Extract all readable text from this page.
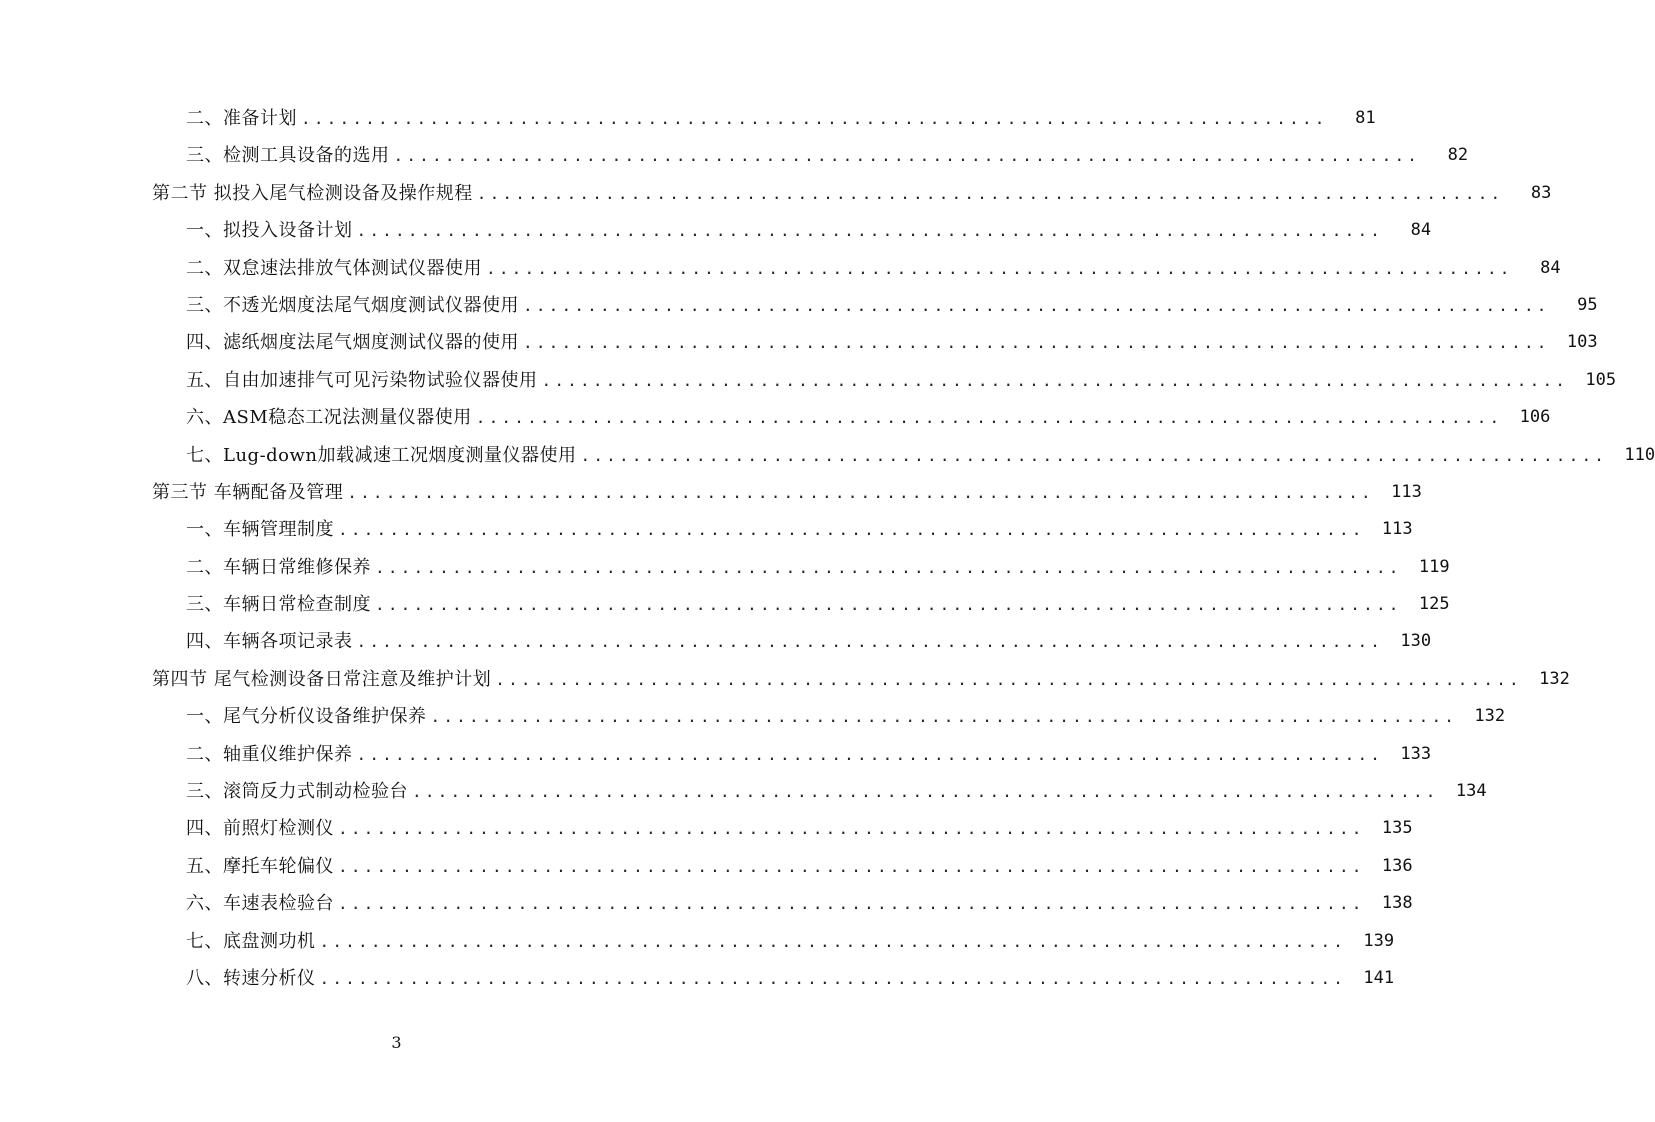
二、准备计划 ................................................................................	81
三、检测工具设备的选用 ................................................................................	82
第二节 拟投入尾气检测设备及操作规程 ................................................................................	83
一、拟投入设备计划 ................................................................................	84
二、双怠速法排放气体测试仪器使用 ................................................................................	84
三、不透光烟度法尾气烟度测试仪器使用 ................................................................................	95
四、滤纸烟度法尾气烟度测试仪器的使用 ................................................................................	103
五、自由加速排气可见污染物试验仪器使用 ................................................................................	105
六、ASM稳态工况法测量仪器使用 ................................................................................	106
七、Lug-down加载减速工况烟度测量仪器使用 ................................................................................	110
第三节 车辆配备及管理 ................................................................................	113
一、车辆管理制度 ................................................................................	113
二、车辆日常维修保养 ................................................................................	119
三、车辆日常检查制度 ................................................................................	125
四、车辆各项记录表 ................................................................................	130
第四节 尾气检测设备日常注意及维护计划 ................................................................................	132
一、尾气分析仪设备维护保养 ................................................................................	132
二、轴重仪维护保养 ................................................................................	133
三、滚筒反力式制动检验台 ................................................................................	134
四、前照灯检测仪 ................................................................................	135
五、摩托车轮偏仪 ................................................................................	136
六、车速表检验台 ................................................................................	138
七、底盘测功机 ................................................................................	139
八、转速分析仪 ................................................................................	141
3
